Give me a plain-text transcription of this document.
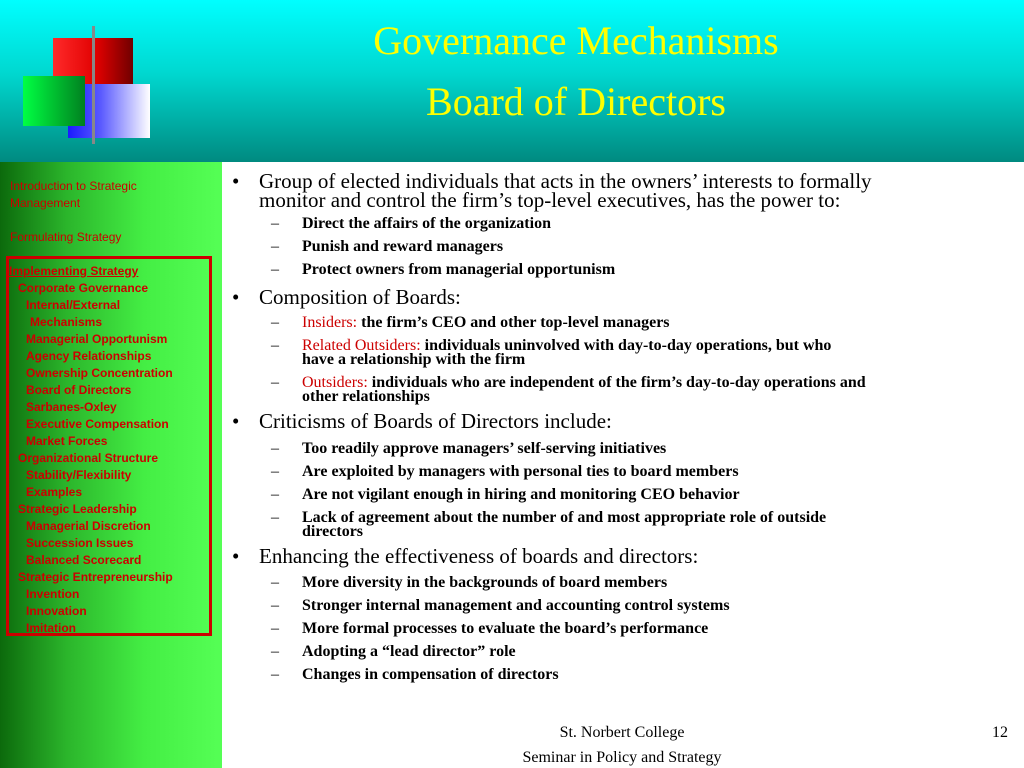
Governance Mechanisms
Board of Directors
Introduction to Strategic
Management
Formulating Strategy
Implementing Strategy
Corporate Governance
Internal/External
Mechanisms
Managerial Opportunism
Agency Relationships
Ownership Concentration
Board of Directors
Sarbanes-Oxley
Executive Compensation
Market Forces
Organizational Structure
Stability/Flexibility
Examples
Strategic Leadership
Managerial Discretion
Succession Issues
Balanced Scorecard
Strategic Entrepreneurship
Invention
Innovation
Imitation
• Group of elected individuals that acts in the owners’ interests to formally
monitor and control the firm’s top-level executives, has the power to:
– Direct the affairs of the organization
– Punish and reward managers
– Protect owners from managerial opportunism
• Composition of Boards:
– Insiders: the firm’s CEO and other top-level managers
– Related Outsiders: individuals uninvolved with day-to-day operations, but who
have a relationship with the firm
– Outsiders: individuals who are independent of the firm’s day-to-day operations and
other relationships
• Criticisms of Boards of Directors include:
– Too readily approve managers’ self-serving initiatives
– Are exploited by managers with personal ties to board members
– Are not vigilant enough in hiring and monitoring CEO behavior
– Lack of agreement about the number of and most appropriate role of outside
directors
• Enhancing the effectiveness of boards and directors:
– More diversity in the backgrounds of board members
– Stronger internal management and accounting control systems
– More formal processes to evaluate the board’s performance
– Adopting a “lead director” role
– Changes in compensation of directors
St. Norbert College
Seminar in Policy and Strategy
12
